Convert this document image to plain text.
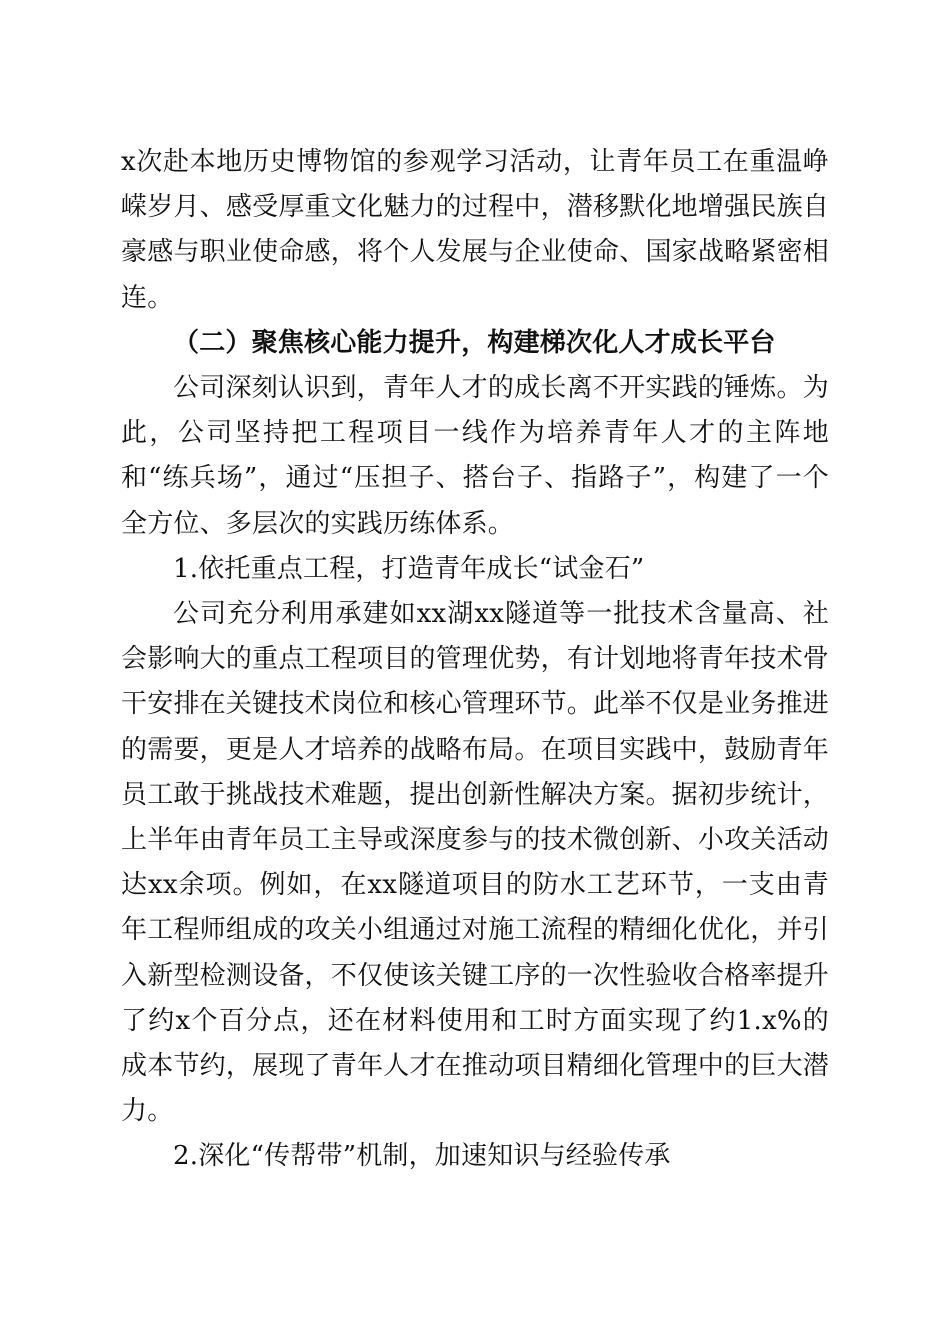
x次赴本地历史博物馆的参观学习活动，让青年员工在重温峥嵘岁月、感受厚重文化魅力的过程中，潜移默化地增强民族自豪感与职业使命感，将个人发展与企业使命、国家战略紧密相连。

（二）聚焦核心能力提升，构建梯次化人才成长平台

公司深刻认识到，青年人才的成长离不开实践的锤炼。为此，公司坚持把工程项目一线作为培养青年人才的主阵地和“练兵场”，通过“压担子、搭台子、指路子”，构建了一个全方位、多层次的实践历练体系。

1.依托重点工程，打造青年成长“试金石”

公司充分利用承建如xx湖xx隧道等一批技术含量高、社会影响大的重点工程项目的管理优势，有计划地将青年技术骨干安排在关键技术岗位和核心管理环节。此举不仅是业务推进的需要，更是人才培养的战略布局。在项目实践中，鼓励青年员工敢于挑战技术难题，提出创新性解决方案。据初步统计，上半年由青年员工主导或深度参与的技术微创新、小攻关活动达xx余项。例如，在xx隧道项目的防水工艺环节，一支由青年工程师组成的攻关小组通过对施工流程的精细化优化，并引入新型检测设备，不仅使该关键工序的一次性验收合格率提升了约x个百分点，还在材料使用和工时方面实现了约1.x%的成本节约，展现了青年人才在推动项目精细化管理中的巨大潜力。

2.深化“传帮带”机制，加速知识与经验传承
